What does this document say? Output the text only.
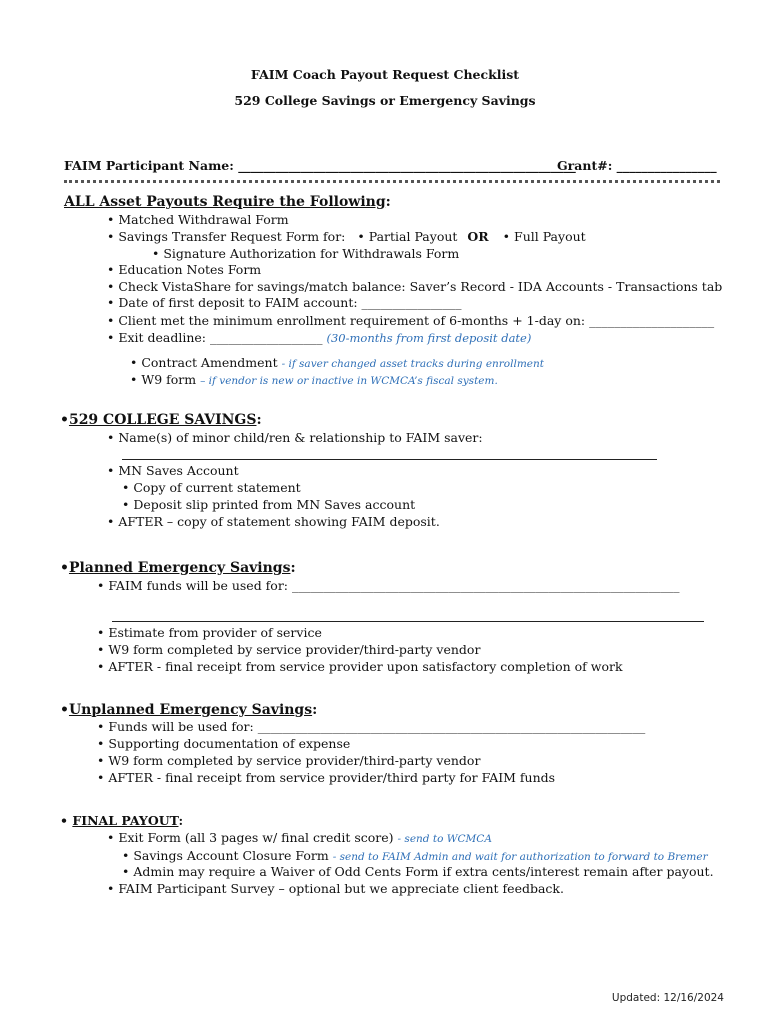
FAIM Coach Payout Request Checklist
529 College Savings or Emergency Savings
FAIM Participant Name: ______________________________________________________
Grant#: ________________
ALL Asset Payouts Require the Following:
• Matched Withdrawal Form
• Savings Transfer Request Form for: • Partial Payout OR • Full Payout
• Signature Authorization for Withdrawals Form
• Education Notes Form
• Check VistaShare for savings/match balance: Saver’s Record - IDA Accounts - Transactions tab
• Date of first deposit to FAIM account: ________________
• Client met the minimum enrollment requirement of 6-months + 1-day on: ____________________
• Exit deadline: __________________ (30-months from first deposit date)
• Contract Amendment - if saver changed asset tracks during enrollment
• W9 form – if vendor is new or inactive in WCMCA’s fiscal system.
•529 COLLEGE SAVINGS:
• Name(s) of minor child/ren & relationship to FAIM saver:
• MN Saves Account
• Copy of current statement
• Deposit slip printed from MN Saves account
• AFTER – copy of statement showing FAIM deposit.
•Planned Emergency Savings:
• FAIM funds will be used for: ______________________________________________________________
• Estimate from provider of service
• W9 form completed by service provider/third-party vendor
• AFTER - final receipt from service provider upon satisfactory completion of work
•Unplanned Emergency Savings:
• Funds will be used for: ______________________________________________________________
• Supporting documentation of expense
• W9 form completed by service provider/third-party vendor
• AFTER - final receipt from service provider/third party for FAIM funds
• FINAL PAYOUT:
• Exit Form (all 3 pages w/ final credit score) - send to WCMCA
• Savings Account Closure Form - send to FAIM Admin and wait for authorization to forward to Bremer
• Admin may require a Waiver of Odd Cents Form if extra cents/interest remain after payout.
• FAIM Participant Survey – optional but we appreciate client feedback.
Updated: 12/16/2024
